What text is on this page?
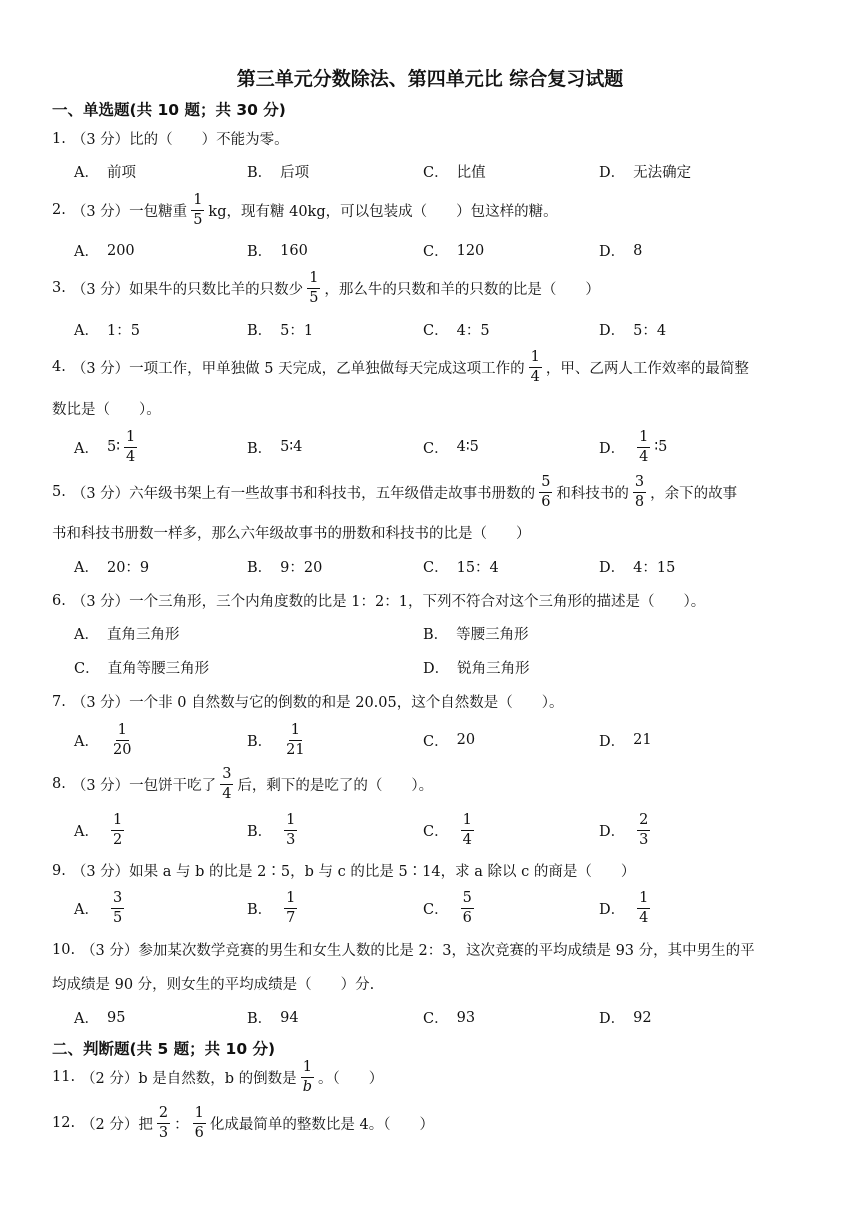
第三单元分数除法、第四单元比 综合复习试题
一、单选题(共 10 题；共 30 分)
1. （3 分）比的（　　）不能为零。
A． 前项	B． 后项	C． 比值	D． 无法确定
2. （3 分）一包糖重 $\frac{1}{5}$ kg，现有糖 40kg，可以包装成（　　）包这样的糖。
A． 200	B． 160	C． 120	D． 8
3. （3 分）如果牛的只数比羊的只数少 $\frac{1}{5}$ ，那么牛的只数和羊的只数的比是（　　）
A． 1：5	B． 5：1	C． 4：5	D． 5：4
4. （3 分）一项工作，甲单独做 5 天完成，乙单独做每天完成这项工作的 $\frac{1}{4}$ ，甲、乙两人工作效率的最简整
数比是（　　）。
A． 5∶ $\frac{1}{4}$	B． 5∶4	C． 4∶5	D． $\frac{1}{4}$ ∶5
5. （3 分）六年级书架上有一些故事书和科技书，五年级借走故事书册数的 $\frac{5}{6}$ 和科技书的 $\frac{3}{8}$ ，余下的故事
书和科技书册数一样多，那么六年级故事书的册数和科技书的比是（　　）
A． 20：9	B． 9：20	C． 15：4	D． 4：15
6. （3 分）一个三角形，三个内角度数的比是 1：2：1，下列不符合对这个三角形的描述是（　　）。
A． 直角三角形	B． 等腰三角形
C． 直角等腰三角形	D． 锐角三角形
7. （3 分）一个非 0 自然数与它的倒数的和是 20.05，这个自然数是（　　）。
A． $\frac{1}{20}$	B． $\frac{1}{21}$	C． 20	D． 21
8. （3 分）一包饼干吃了 $\frac{3}{4}$ 后，剩下的是吃了的（　　）。
A． $\frac{1}{2}$	B． $\frac{1}{3}$	C． $\frac{1}{4}$	D． $\frac{2}{3}$
9. （3 分）如果 a 与 b 的比是 2∶5，b 与 c 的比是 5∶14，求 a 除以 c 的商是（　　）
A． $\frac{3}{5}$	B． $\frac{1}{7}$	C． $\frac{5}{6}$	D． $\frac{1}{4}$
10. （3 分）参加某次数学竞赛的男生和女生人数的比是 2：3，这次竞赛的平均成绩是 93 分，其中男生的平
均成绩是 90 分，则女生的平均成绩是（　　）分.
A． 95	B． 94	C． 93	D． 92
二、判断题(共 5 题；共 10 分)
11. （2 分）b 是自然数，b 的倒数是 $\frac{1}{b}$ 。（　　）
12. （2 分）把 $\frac{2}{3}$ ： $\frac{1}{6}$ 化成最简单的整数比是 4。（　　）
